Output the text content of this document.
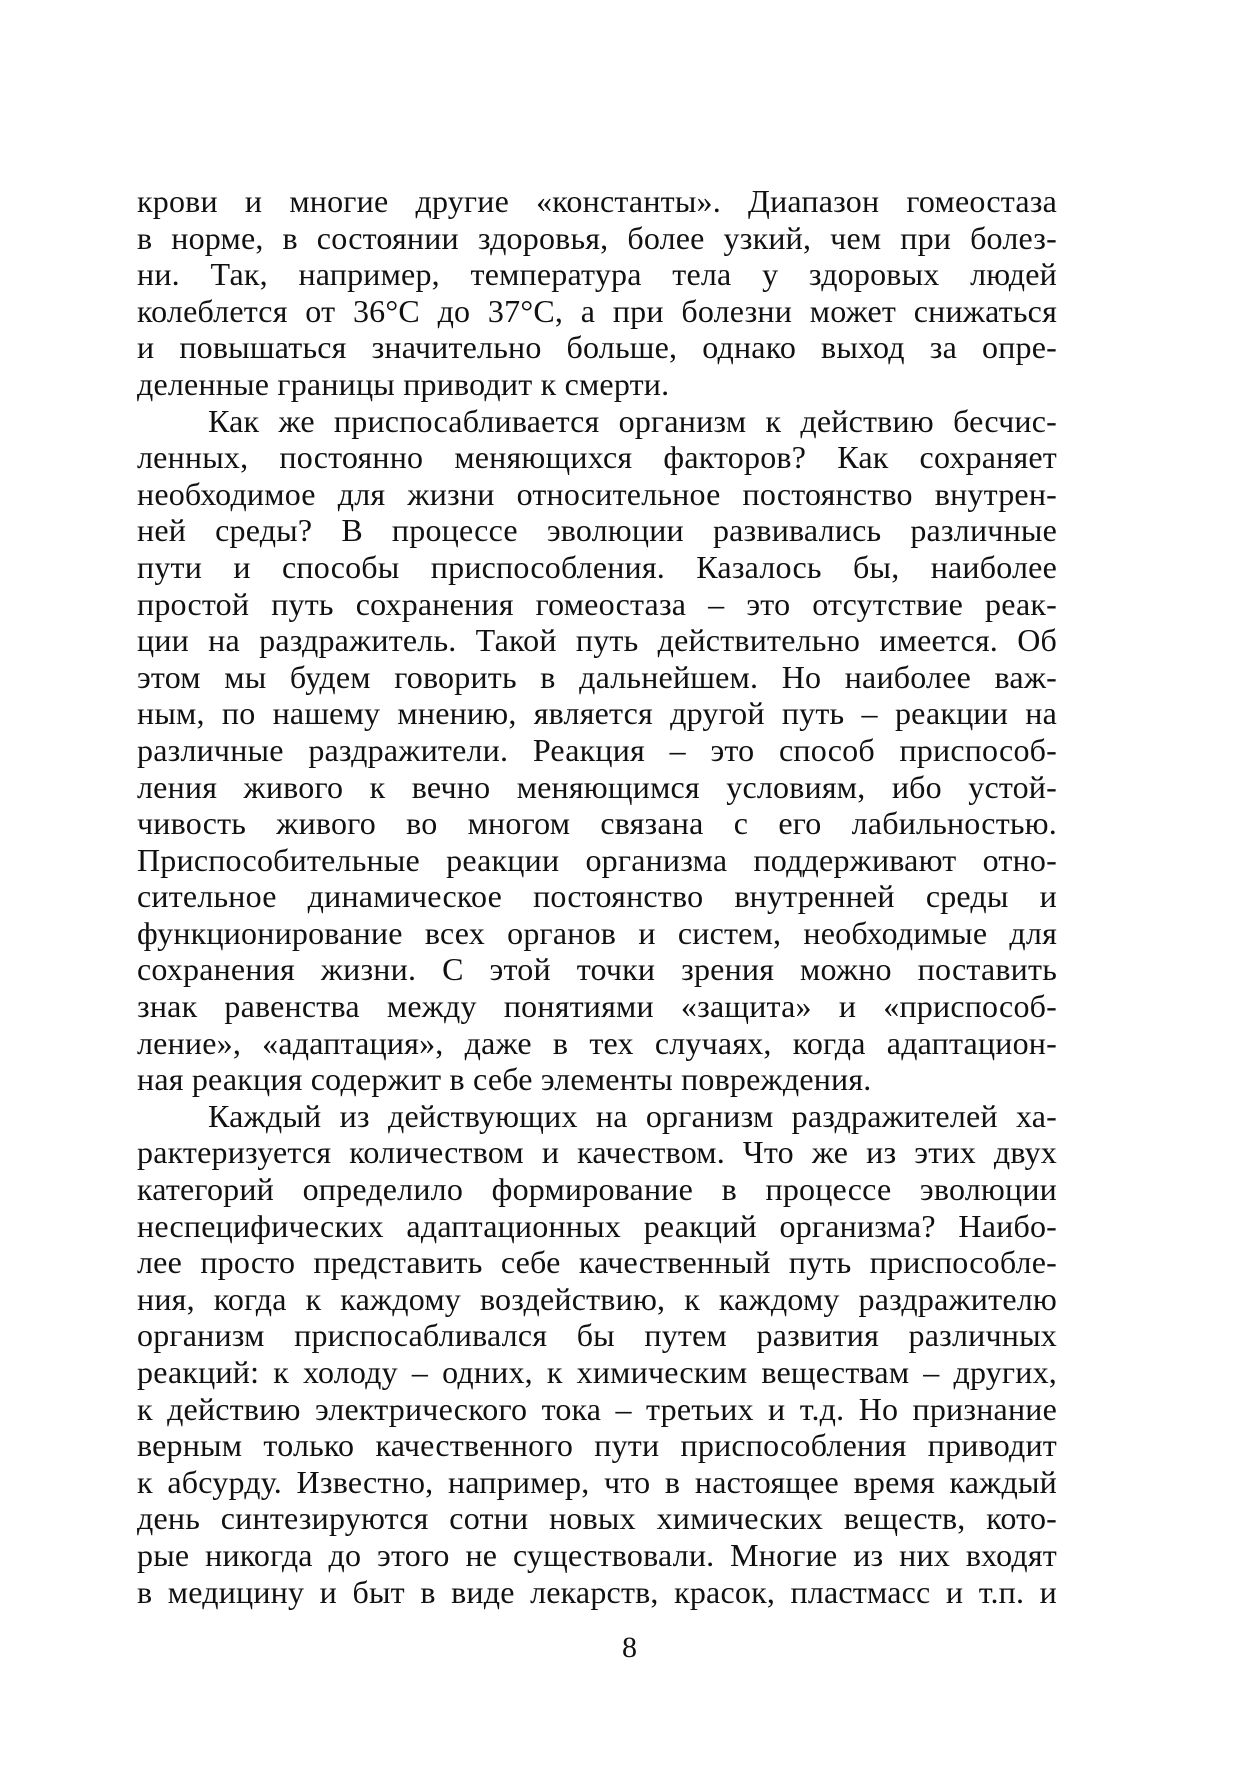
крови и многие другие «константы». Диапазон гомеостаза
в норме, в состоянии здоровья, более узкий, чем при болез-
ни. Так, например, температура тела у здоровых людей
колеблется от 36°С до 37°С, а при болезни может снижаться
и повышаться значительно больше, однако выход за опре-
деленные границы приводит к смерти.
Как же приспосабливается организм к действию бесчис-
ленных, постоянно меняющихся факторов? Как сохраняет
необходимое для жизни относительное постоянство внутрен-
ней среды? В процессе эволюции развивались различные
пути и способы приспособления. Казалось бы, наиболее
простой путь сохранения гомеостаза – это отсутствие реак-
ции на раздражитель. Такой путь действительно имеется. Об
этом мы будем говорить в дальнейшем. Но наиболее важ-
ным, по нашему мнению, является другой путь – реакции на
различные раздражители. Реакция – это способ приспособ-
ления живого к вечно меняющимся условиям, ибо устой-
чивость живого во многом связана с его лабильностью.
Приспособительные реакции организма поддерживают отно-
сительное динамическое постоянство внутренней среды и
функционирование всех органов и систем, необходимые для
сохранения жизни. С этой точки зрения можно поставить
знак равенства между понятиями «защита» и «приспособ-
ление», «адаптация», даже в тех случаях, когда адаптацион-
ная реакция содержит в себе элементы повреждения.
Каждый из действующих на организм раздражителей ха-
рактеризуется количеством и качеством. Что же из этих двух
категорий определило формирование в процессе эволюции
неспецифических адаптационных реакций организма? Наибо-
лее просто представить себе качественный путь приспособле-
ния, когда к каждому воздействию, к каждому раздражителю
организм приспосабливался бы путем развития различных
реакций: к холоду – одних, к химическим веществам – других,
к действию электрического тока – третьих и т.д. Но признание
верным только качественного пути приспособления приводит
к абсурду. Известно, например, что в настоящее время каждый
день синтезируются сотни новых химических веществ, кото-
рые никогда до этого не существовали. Многие из них входят
в медицину и быт в виде лекарств, красок, пластмасс и т.п. и
8
